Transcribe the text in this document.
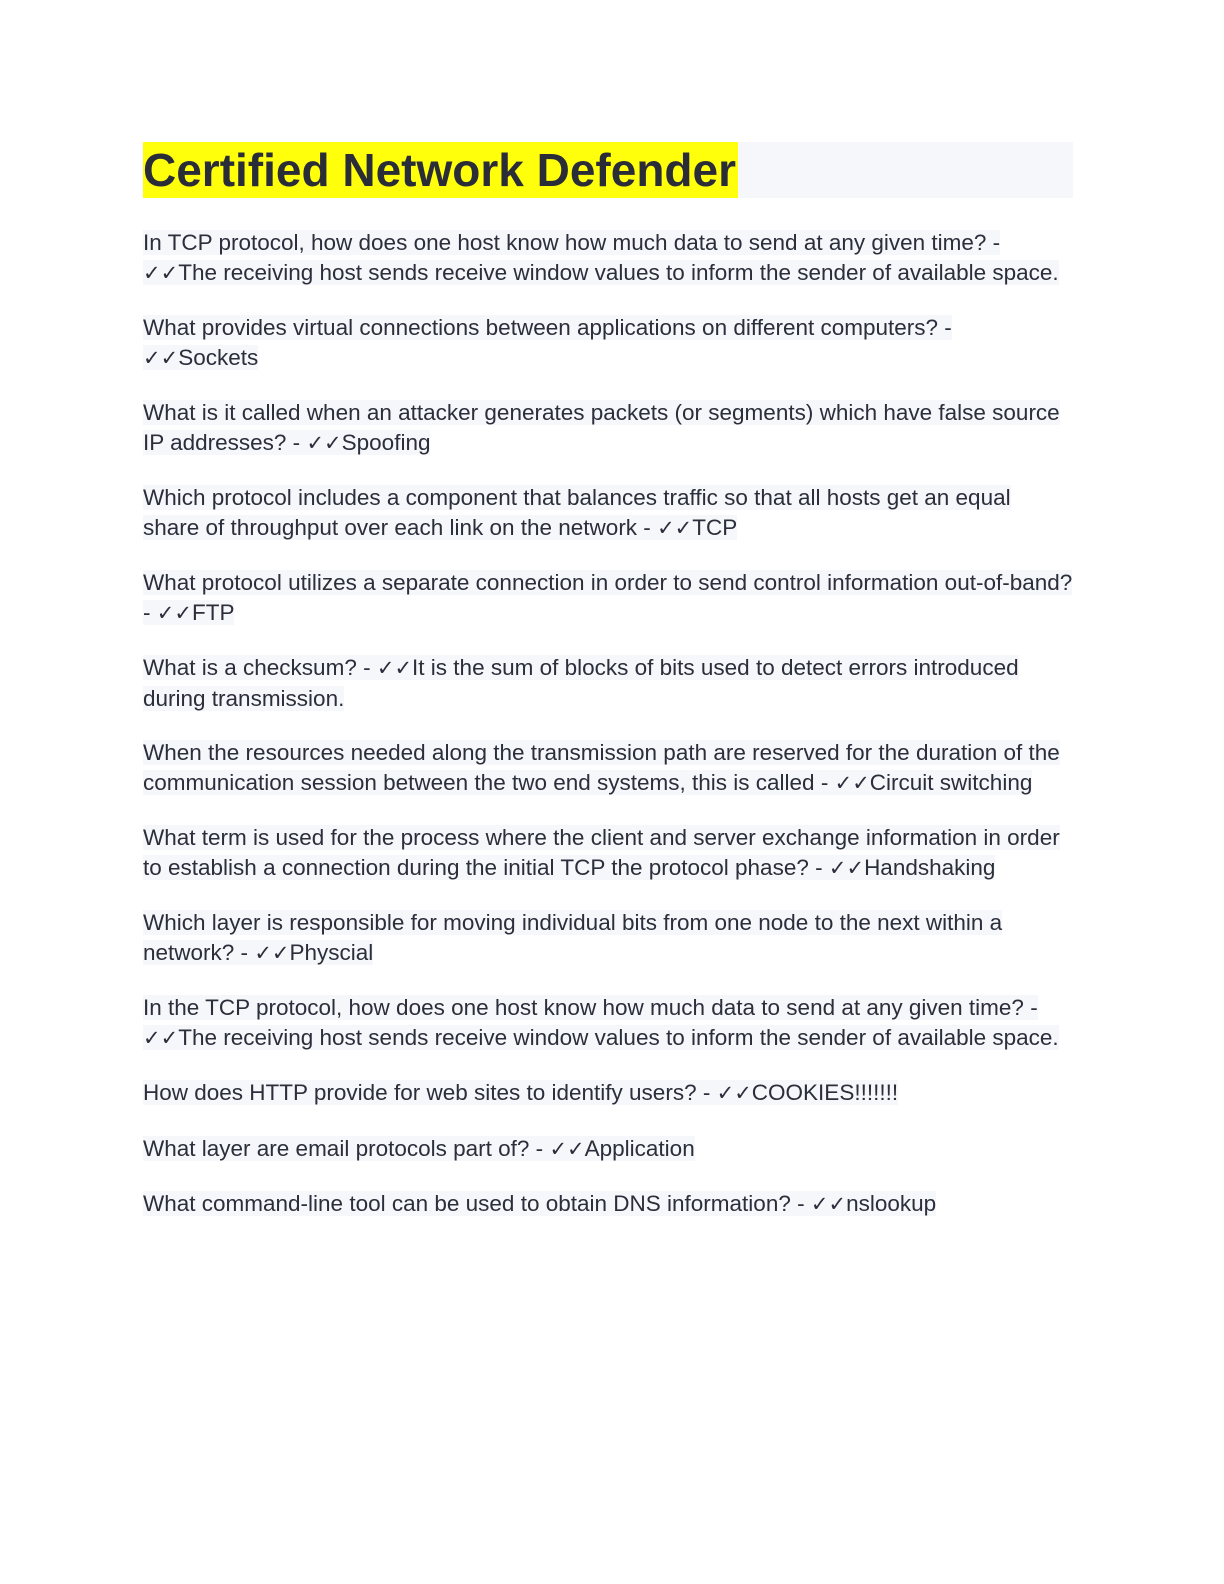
Certified Network Defender

In TCP protocol, how does one host know how much data to send at any given time? - ✓✓The receiving host sends receive window values to inform the sender of available space.

What provides virtual connections between applications on different computers? - ✓✓Sockets

What is it called when an attacker generates packets (or segments) which have false source IP addresses? - ✓✓Spoofing

Which protocol includes a component that balances traffic so that all hosts get an equal share of throughput over each link on the network - ✓✓TCP

What protocol utilizes a separate connection in order to send control information out-of-band? - ✓✓FTP

What is a checksum? - ✓✓It is the sum of blocks of bits used to detect errors introduced during transmission.

When the resources needed along the transmission path are reserved for the duration of the communication session between the two end systems, this is called - ✓✓Circuit switching

What term is used for the process where the client and server exchange information in order to establish a connection during the initial TCP the protocol phase? - ✓✓Handshaking

Which layer is responsible for moving individual bits from one node to the next within a network? - ✓✓Physcial

In the TCP protocol, how does one host know how much data to send at any given time? - ✓✓The receiving host sends receive window values to inform the sender of available space.

How does HTTP provide for web sites to identify users? - ✓✓COOKIES!!!!!!!

What layer are email protocols part of? - ✓✓Application

What command-line tool can be used to obtain DNS information? - ✓✓nslookup
